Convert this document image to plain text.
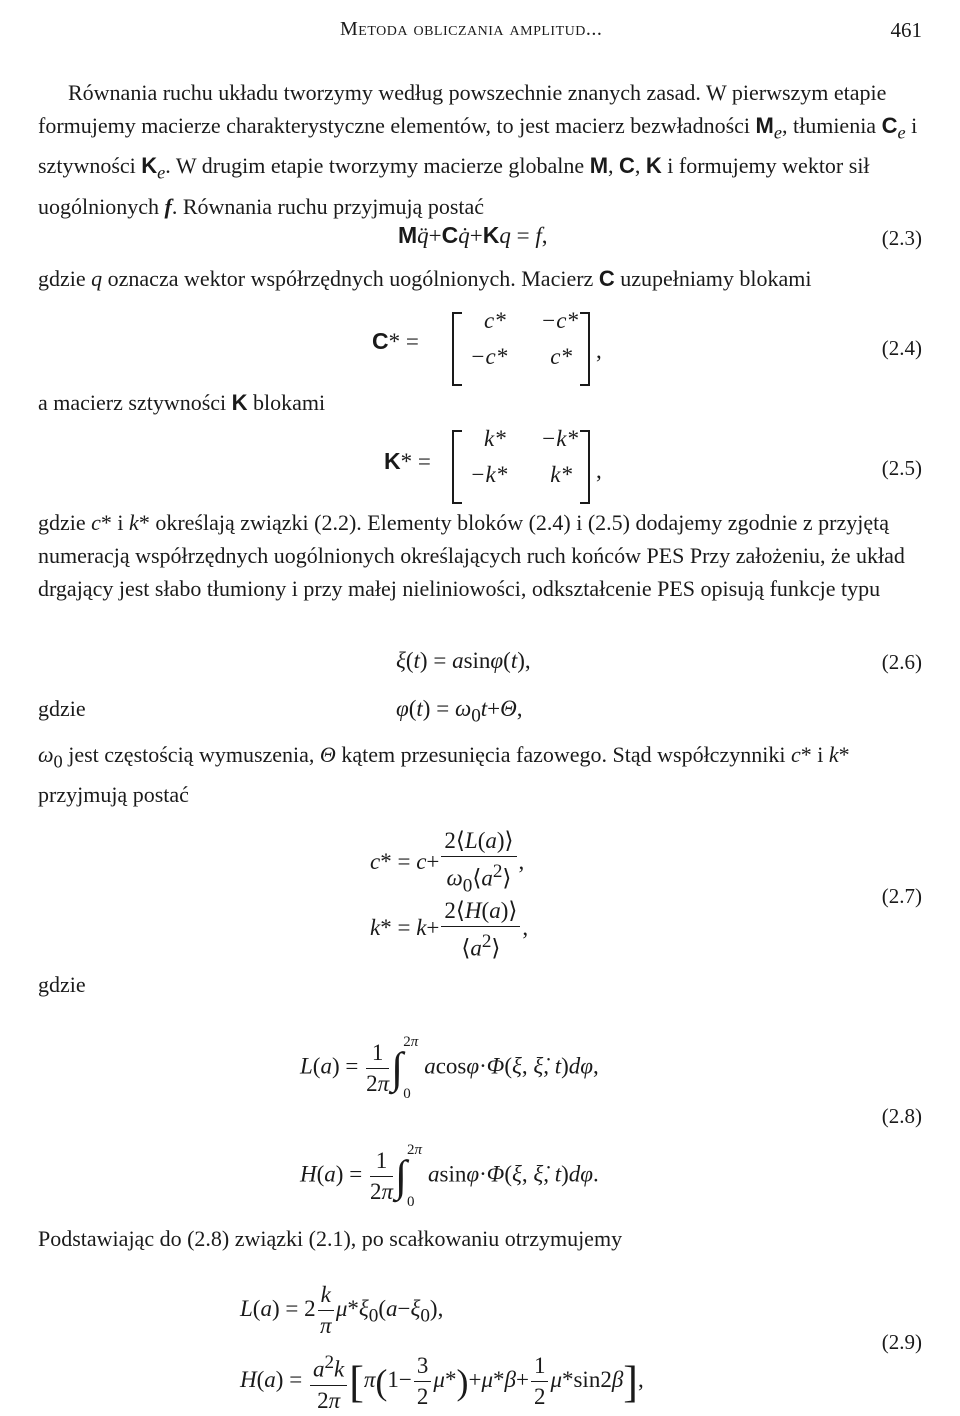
Metoda obliczania amplitud...	461
Równania ruchu układu tworzymy według powszechnie znanych zasad. W pierwszym etapie formujemy macierze charakterystyczne elementów, to jest macierz bezwładności $M_e$, tłumienia $C_e$ i sztywności $K_e$. W drugim etapie tworzymy macierze globalne M, C, K i formujemy wektor sił uogólnionych f. Równania ruchu przyjmują postać
Mq̈+Cq̇+Kq = f,	(2.3)
gdzie q oznacza wektor współrzędnych uogólnionych. Macierz C uzupełniamy blokami
C* =
c* −c*
−c* c* ,	(2.4)
a macierz sztywności K blokami
K* =
k* −k*
−k* k* ,	(2.5)
gdzie c* i k* określają związki (2.2). Elementy bloków (2.4) i (2.5) dodajemy zgodnie z przyjętą numeracją współrzędnych uogólnionych określających ruch końców PES Przy założeniu, że układ drgający jest słabo tłumiony i przy małej nieliniowości, odkształcenie PES opisują funkcje typu
ξ(t) = asinφ(t),	(2.6)
gdzie	$\varphi(t) = \omega_0t+\Theta$,
$\omega_0$ jest częstością wymuszenia, Θ kątem przesunięcia fazowego. Stąd współczynniki c* i k* przyjmują postać
$c* = c+ \frac{2⟨L(a)⟩}{\omega_0⟨a^2⟩}$ ,
$k* = k+ \frac{2⟨H(a)⟩}{⟨a^2⟩}$ ,
(2.7)
gdzie
$L(a) = \frac{1}{2\pi} \int 2\pi$
0acosφ·Φ(ξ, ξ̇, t)dφ,
$H(a) = \frac{1}{2\pi} \int 2\pi$
0asinφ·Φ(ξ, ξ̇, t)dφ.
(2.8)
Podstawiając do (2.8) związki (2.1), po scałkowaniu otrzymujemy
$L(a) = 2 \frac{k}{\pi} \mu*\xi_0(a-\xi_0)$,
$H(a) = \frac{a^2k}{2\pi} [\pi(1- \frac{3}{2} \mu*)+\mu*\beta+ \frac{1}{2} \mu*\sin 2\beta]$,
(2.9)
